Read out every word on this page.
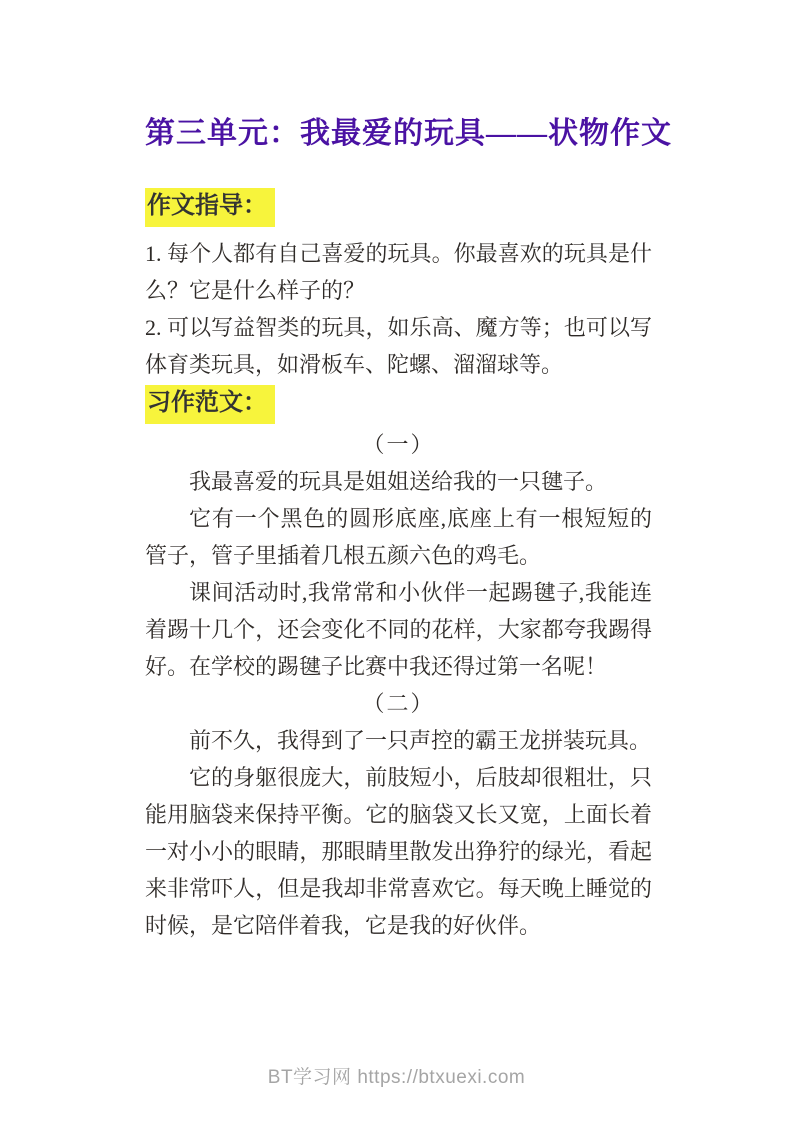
第三单元：我最爱的玩具——状物作文
作文指导：

1. 每个人都有自己喜爱的玩具。你最喜欢的玩具是什么？它是什么样子的？

2. 可以写益智类的玩具，如乐高、魔方等；也可以写体育类玩具，如滑板车、陀螺、溜溜球等。

习作范文：
（一）

我最喜爱的玩具是姐姐送给我的一只毽子。

它有一个黑色的圆形底座,底座上有一根短短的管子，管子里插着几根五颜六色的鸡毛。

课间活动时,我常常和小伙伴一起踢毽子,我能连着踢十几个，还会变化不同的花样，大家都夸我踢得好。在学校的踢毽子比赛中我还得过第一名呢！

（二）

前不久，我得到了一只声控的霸王龙拼装玩具。

它的身躯很庞大，前肢短小，后肢却很粗壮，只能用脑袋来保持平衡。它的脑袋又长又宽，上面长着一对小小的眼睛，那眼睛里散发出狰狞的绿光，看起来非常吓人，但是我却非常喜欢它。每天晚上睡觉的时候，是它陪伴着我，它是我的好伙伴。

BT学习网 https://btxuexi.com
